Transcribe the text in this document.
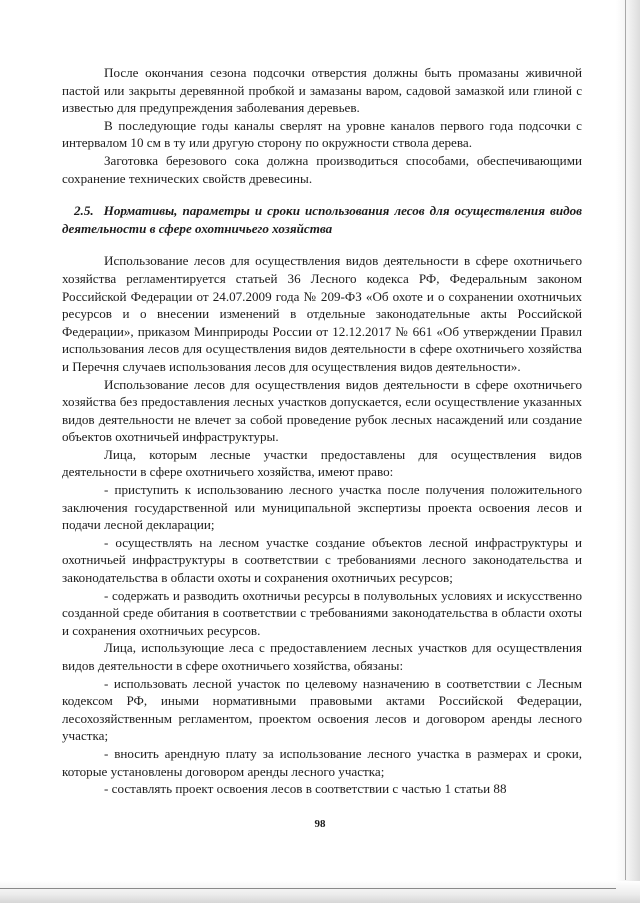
После окончания сезона подсочки отверстия должны быть промазаны живичной пастой или закрыты деревянной пробкой и замазаны варом, садовой замазкой или глиной с известью для предупреждения заболевания деревьев.

В последующие годы каналы сверлят на уровне каналов первого года подсочки с интервалом 10 см в ту или другую сторону по окружности ствола дерева.

Заготовка березового сока должна производиться способами, обеспечивающими сохранение технических свойств древесины.

2.5. Нормативы, параметры и сроки использования лесов для осуществления видов деятельности в сфере охотничьего хозяйства

Использование лесов для осуществления видов деятельности в сфере охотничьего хозяйства регламентируется статьей 36 Лесного кодекса РФ, Федеральным законом Российской Федерации от 24.07.2009 года № 209-ФЗ «Об охоте и о сохранении охотничьих ресурсов и о внесении изменений в отдельные законодательные акты Российской Федерации», приказом Минприроды России от 12.12.2017 № 661 «Об утверждении Правил использования лесов для осуществления видов деятельности в сфере охотничьего хозяйства и Перечня случаев использования лесов для осуществления видов деятельности».

Использование лесов для осуществления видов деятельности в сфере охотничьего хозяйства без предоставления лесных участков допускается, если осуществление указанных видов деятельности не влечет за собой проведение рубок лесных насаждений или создание объектов охотничьей инфраструктуры.

Лица, которым лесные участки предоставлены для осуществления видов деятельности в сфере охотничьего хозяйства, имеют право:

- приступить к использованию лесного участка после получения положительного заключения государственной или муниципальной экспертизы проекта освоения лесов и подачи лесной декларации;

- осуществлять на лесном участке создание объектов лесной инфраструктуры и охотничьей инфраструктуры в соответствии с требованиями лесного законодательства и законодательства в области охоты и сохранения охотничьих ресурсов;

- содержать и разводить охотничьи ресурсы в полувольных условиях и искусственно созданной среде обитания в соответствии с требованиями законодательства в области охоты и сохранения охотничьих ресурсов.

Лица, использующие леса с предоставлением лесных участков для осуществления видов деятельности в сфере охотничьего хозяйства, обязаны:

- использовать лесной участок по целевому назначению в соответствии с Лесным кодексом РФ, иными нормативными правовыми актами Российской Федерации, лесохозяйственным регламентом, проектом освоения лесов и договором аренды лесного участка;

- вносить арендную плату за использование лесного участка в размерах и сроки, которые установлены договором аренды лесного участка;

- составлять проект освоения лесов в соответствии с частью 1 статьи 88

98
